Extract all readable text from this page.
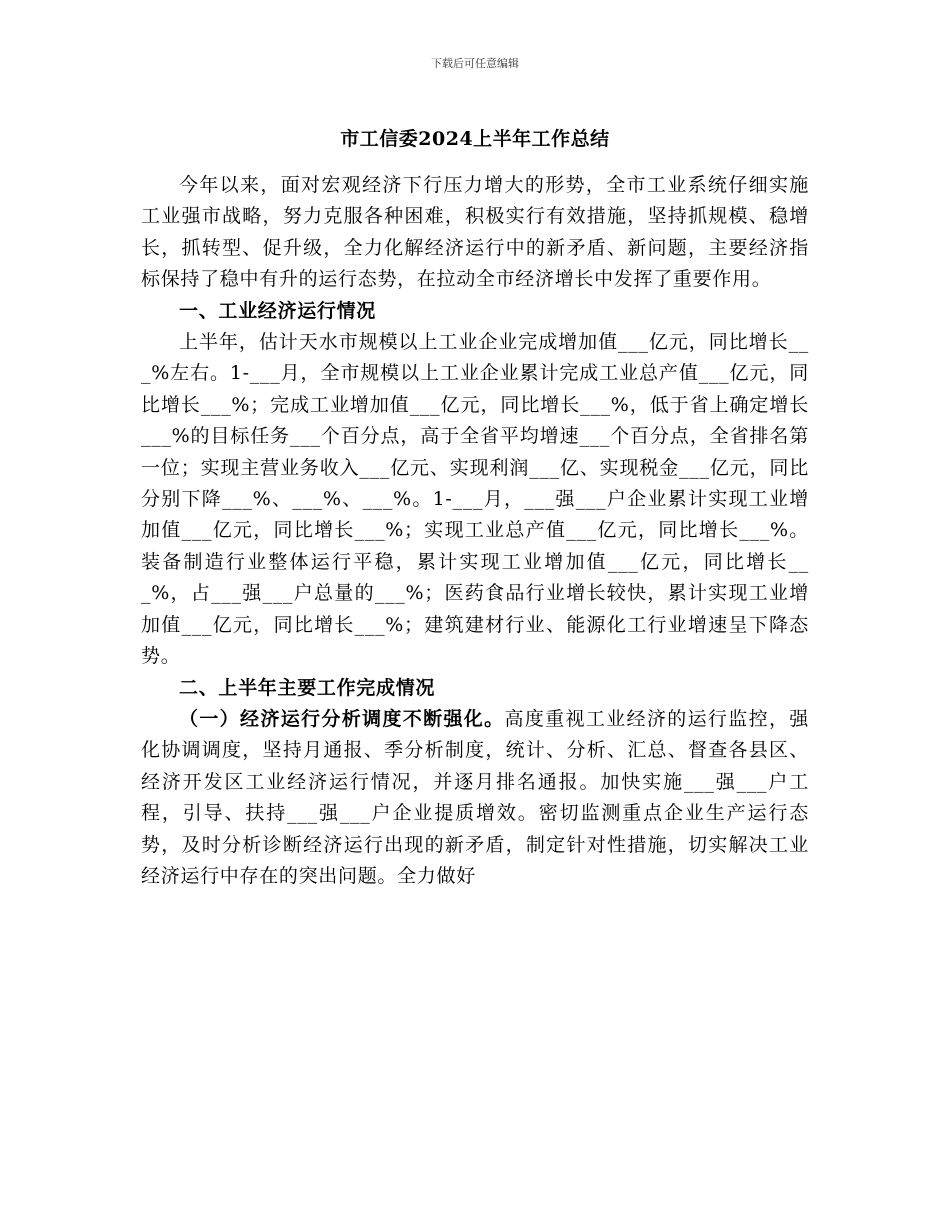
下载后可任意编辑
市工信委2024上半年工作总结

今年以来，面对宏观经济下行压力增大的形势，全市工业系统仔细实施工业强市战略，努力克服各种困难，积极实行有效措施，坚持抓规模、稳增长，抓转型、促升级，全力化解经济运行中的新矛盾、新问题，主要经济指标保持了稳中有升的运行态势，在拉动全市经济增长中发挥了重要作用。

一、工业经济运行情况

上半年，估计天水市规模以上工业企业完成增加值___亿元，同比增长___%左右。1-___月，全市规模以上工业企业累计完成工业总产值___亿元，同比增长___%；完成工业增加值___亿元，同比增长___%，低于省上确定增长___%的目标任务___个百分点，高于全省平均增速___个百分点，全省排名第一位；实现主营业务收入___亿元、实现利润___亿、实现税金___亿元，同比分别下降___%、___%、___%。1-___月，___强___户企业累计实现工业增加值___亿元，同比增长___%；实现工业总产值___亿元，同比增长___%。装备制造行业整体运行平稳，累计实现工业增加值___亿元，同比增长___%，占___强___户总量的___%；医药食品行业增长较快，累计实现工业增加值___亿元，同比增长___%；建筑建材行业、能源化工行业增速呈下降态势。

二、上半年主要工作完成情况

（一）经济运行分析调度不断强化。高度重视工业经济的运行监控，强化协调调度，坚持月通报、季分析制度，统计、分析、汇总、督查各县区、经济开发区工业经济运行情况，并逐月排名通报。加快实施___强___户工程，引导、扶持___强___户企业提质增效。密切监测重点企业生产运行态势，及时分析诊断经济运行出现的新矛盾，制定针对性措施，切实解决工业经济运行中存在的突出问题。全力做好
